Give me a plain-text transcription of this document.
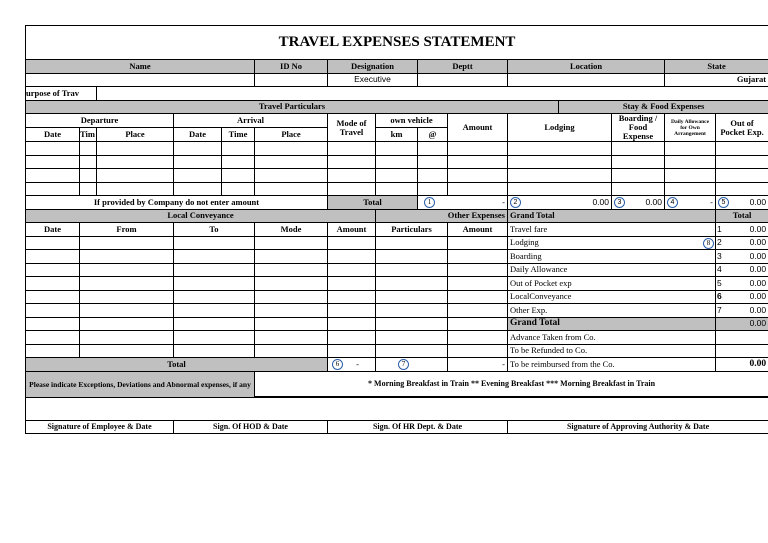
TRAVEL EXPENSES STATEMENT														
Name					ID No	Designation		Deptt		Location			State	
						Executive							Gujarat	
urpose of Trav														
Travel Particulars											Stay & Food Expenses			
Departure			Arrival			Mode of Travel	own vehicle		Amount	Lodging		Boarding / Food Expense	Daily Allowance for Own Arrangement	Out of Pocket Exp.
Date	Tim	Place	Date	Time	Place		km	@						

If provided by Company do not enter amount						Total		1 -		2 0.00		3 0.00	4 -	5 0.00
Local Conveyance							Other Expenses			Grand Total				Total
Date	From		To		Mode	Amount	Particulars		Amount	Travel fare				1 0.00
										Lodging 8				2 0.00
										Boarding				3 0.00
										Daily Allowance				4 0.00
										Out of Pocket exp				5 0.00
										LocalConveyance				6 0.00
										Other Exp.				7 0.00
										Grand Total				0.00
										Advance Taken from Co.				
										To be Refunded to Co.				
Total						6 -	7		-	To be reimbursed from the Co.				0.00
Please indicate Exceptions, Deviations and Abnormal expenses, if any					* Morning Breakfast in Train ** Evening Breakfast *** Morning Breakfast in Train									

Signature of Employee & Date			Sign. Of HOD & Date			Sign. Of HR Dept. & Date				Signature of Approving Authority & Date				
